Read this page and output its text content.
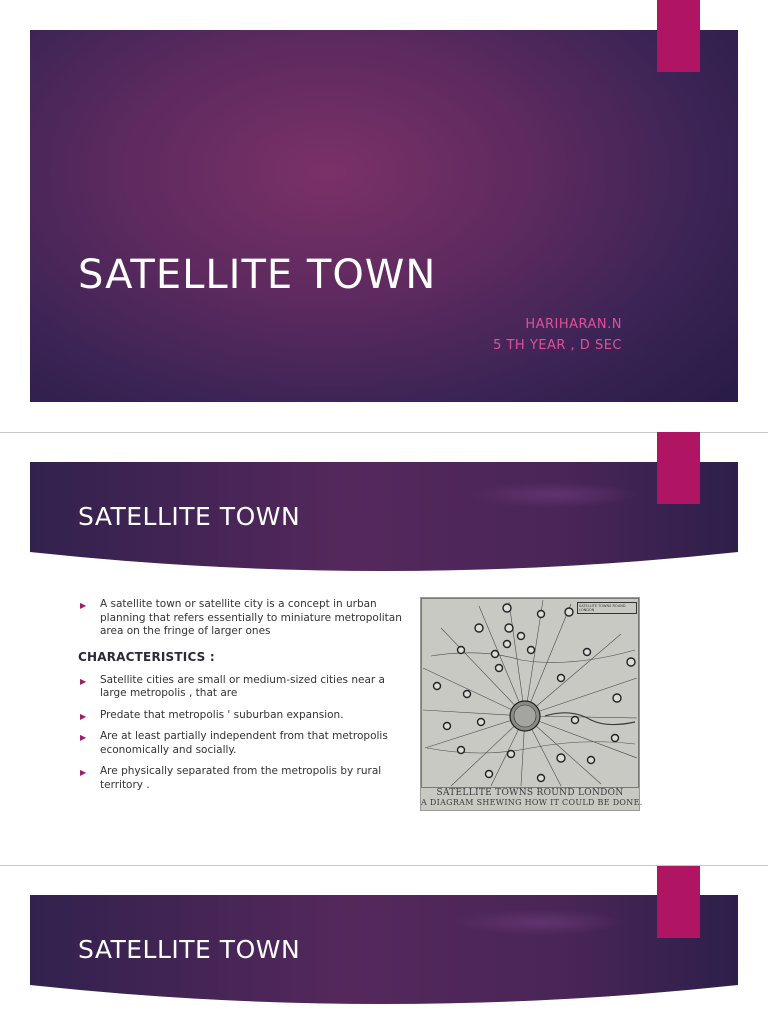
SATELLITE TOWN
HARIHARAN.N
5 TH YEAR , D SEC
SATELLITE TOWN
▶ A satellite town or satellite city is a concept in urban planning that refers essentially to miniature metropolitan area on the fringe of larger ones
CHARACTERISTICS :
▶ Satellite cities are small or medium-sized cities near a large metropolis , that are
▶ Predate that metropolis ' suburban expansion.
▶ Are at least partially independent from that metropolis economically and socially.
▶ Are physically separated from the metropolis by rural territory .
SATELLITE TOWNS ROUND LONDON
SATELLITE TOWNS ROUND LONDON
A DIAGRAM SHEWING HOW IT COULD BE DONE.
SATELLITE TOWN
